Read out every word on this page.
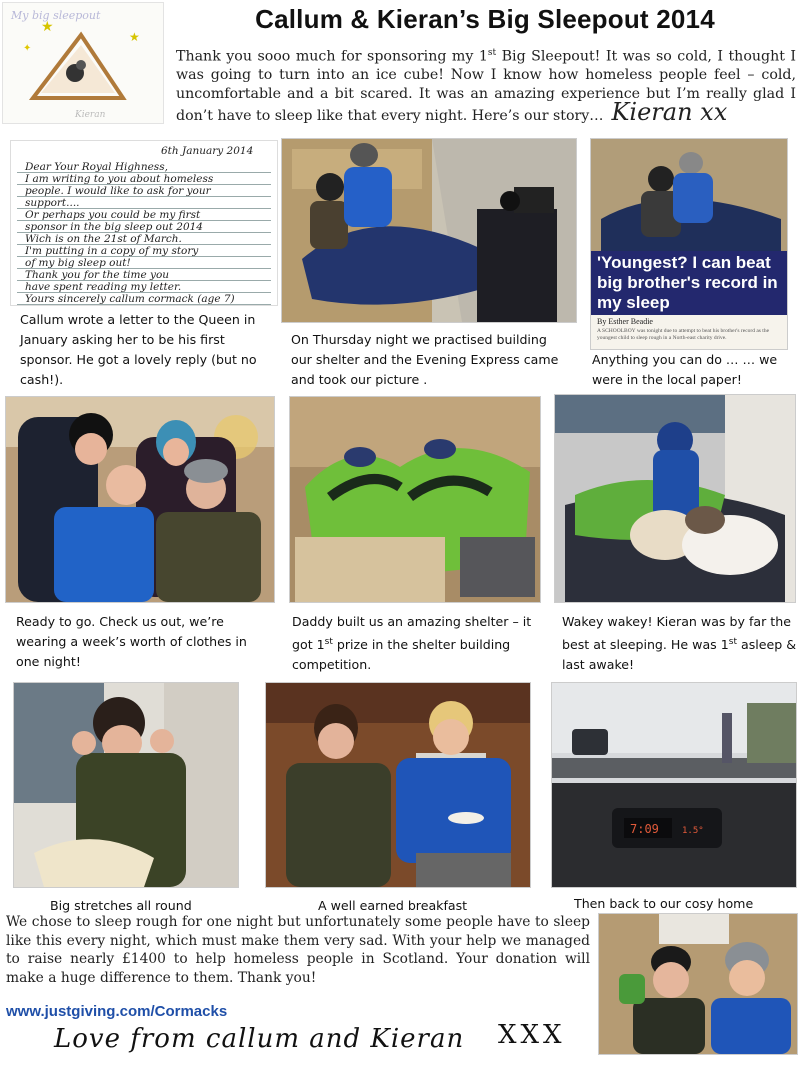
Callum & Kieran’s Big Sleepout 2014
Thank you sooo much for sponsoring my 1st Big Sleepout! It was so cold, I thought I was going to turn into an ice cube! Now I know how homeless people feel – cold, uncomfortable and a bit scared. It was an amazing experience but I’m really glad I don’t have to sleep like that every night. Here’s our story… Kieran xx
My big sleepout
★
★
✦
Kieran
6th January 2014
Dear Your Royal Highness,
I am writing to you about homeless
people. I would like to ask for your
support....
Or perhaps you could be my first
sponsor in the big sleep out 2014
Wich is on the 21st of March.
I'm putting in a copy of my story
of my big sleep out!
Thank you for the time you
have spent reading my letter.
Yours sincerely callum cormack (age 7)
Callum wrote a letter to the Queen in January asking her to be his first sponsor. He got a lovely reply (but no cash!).
On Thursday night we practised building our shelter and the Evening Express came and took our picture .
'Youngest? I can beat big brother's record in my sleep
By Esther Beadie
A SCHOOLBOY was tonight due to attempt to beat his brother's record as the youngest child to sleep rough in a North-east charity drive.
Anything you can do … … we were in the local paper!
Ready to go. Check us out, we’re wearing a week’s worth of clothes in one night!
Daddy built us an amazing shelter – it got 1st prize in the shelter building competition.
Wakey wakey! Kieran was by far the best at sleeping. He was 1st asleep & last awake!
Big stretches all round	A well earned breakfast
7:09	1.5°
Then back to our cosy home
We chose to sleep rough for one night but unfortunately some people have to sleep like this every night, which must make them very sad. With your help we managed to raise nearly £1400 to help homeless people in Scotland. Your donation will make a huge difference to them. Thank you!
www.justgiving.com/Cormacks
Love from callum and Kieran XXX
